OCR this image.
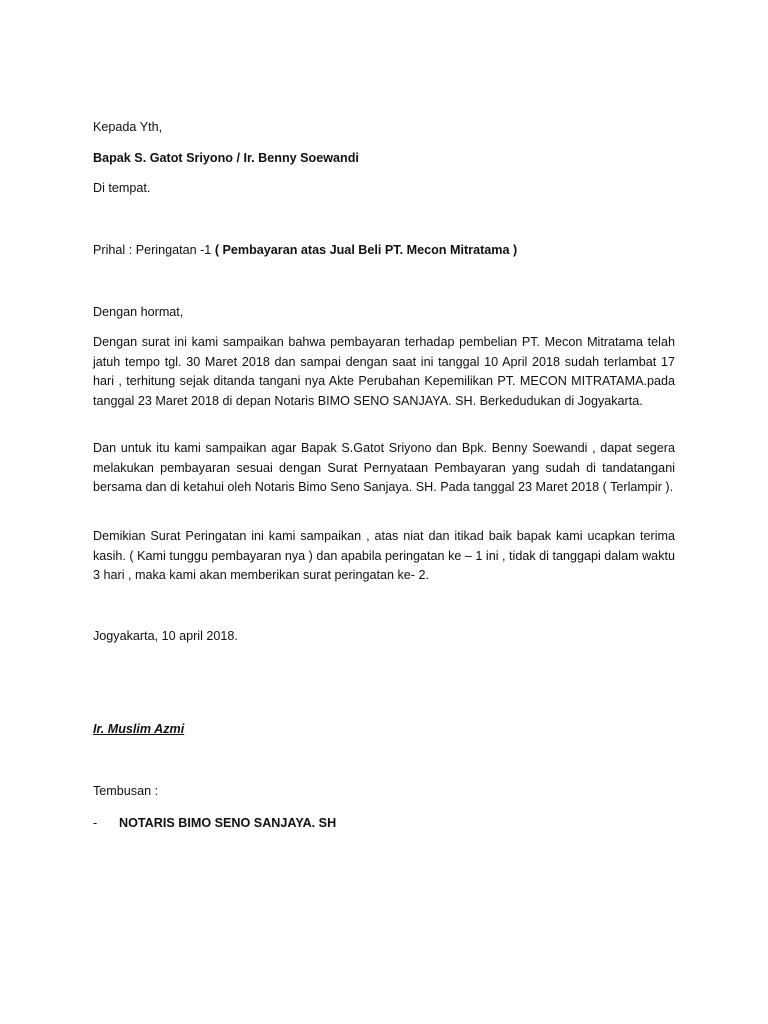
Kepada Yth,
Bapak S. Gatot Sriyono / Ir. Benny Soewandi
Di tempat.
Prihal : Peringatan -1 ( Pembayaran atas Jual Beli PT. Mecon Mitratama )
Dengan hormat,
Dengan surat ini kami sampaikan bahwa pembayaran terhadap pembelian PT. Mecon Mitratama telah jatuh tempo tgl. 30 Maret 2018 dan sampai dengan saat ini tanggal 10 April 2018 sudah terlambat 17 hari , terhitung sejak ditanda tangani nya Akte Perubahan Kepemilikan PT. MECON MITRATAMA.pada tanggal 23 Maret 2018 di depan Notaris BIMO SENO SANJAYA. SH. Berkedudukan di Jogyakarta.
Dan untuk itu kami sampaikan agar Bapak S.Gatot Sriyono dan Bpk. Benny Soewandi , dapat segera melakukan pembayaran sesuai dengan Surat Pernyataan Pembayaran yang sudah di tandatangani bersama dan di ketahui oleh Notaris Bimo Seno Sanjaya. SH. Pada tanggal 23 Maret 2018 ( Terlampir ).
Demikian Surat Peringatan ini kami sampaikan , atas niat dan itikad baik bapak kami ucapkan terima kasih. ( Kami tunggu pembayaran nya ) dan apabila peringatan ke – 1 ini , tidak di tanggapi dalam waktu 3 hari , maka kami akan memberikan surat peringatan ke- 2.
Jogyakarta, 10 april 2018.
Ir. Muslim Azmi
Tembusan :
- NOTARIS BIMO SENO SANJAYA. SH
